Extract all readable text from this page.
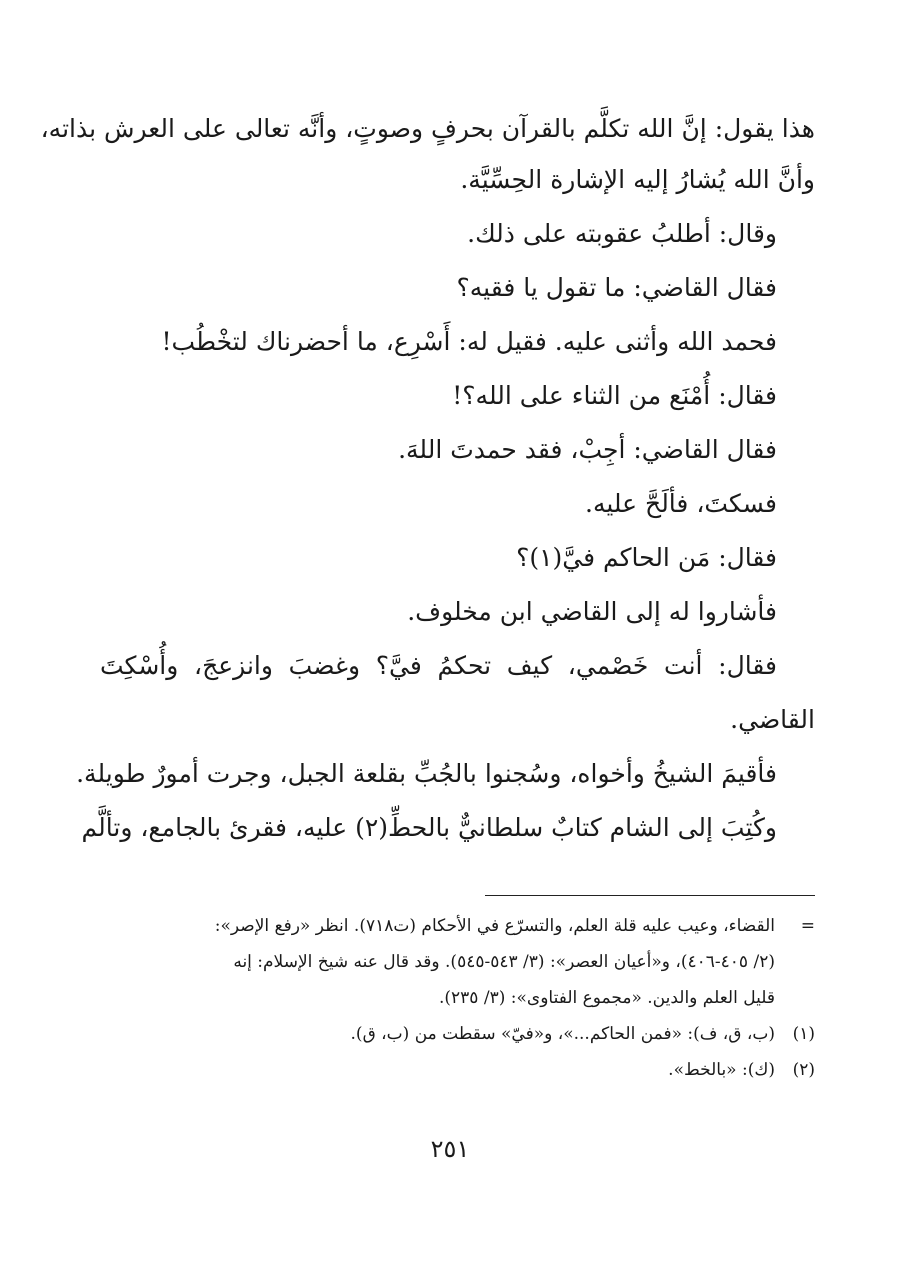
هذا يقول: إنَّ الله تكلَّم بالقرآن بحرفٍ وصوتٍ، وأنَّه تعالى على العرش بذاته،
وأنَّ الله يُشارُ إليه الإشارة الحِسِّيَّة.
وقال: أطلبُ عقوبته على ذلك.
فقال القاضي: ما تقول يا فقيه؟
فحمد الله وأثنى عليه. فقيل له: أَسْرِع، ما أحضرناك لتخْطُب!
فقال: أُمْنَع من الثناء على الله؟!
فقال القاضي: أجِبْ، فقد حمدتَ اللهَ.
فسكتَ، فألَحَّ عليه.
فقال: مَن الحاكم فيَّ(١)؟
فأشاروا له إلى القاضي ابن مخلوف.
فقال: أنت خَصْمي، كيف تحكمُ فيَّ؟ وغضبَ وانزعجَ، وأُسْكِتَ
القاضي.
فأقيمَ الشيخُ وأخواه، وسُجنوا بالجُبِّ بقلعة الجبل، وجرت أمورٌ طويلة.
وكُتِبَ إلى الشام كتابٌ سلطانيٌّ بالحطِّ(٢) عليه، فقرئ بالجامع، وتألَّم
=
القضاء، وعيب عليه قلة العلم، والتسرّع في الأحكام (ت٧١٨). انظر «رفع الإصر»:
(٢/ ٤٠٥-٤٠٦)، و«أعيان العصر»: (٣/ ٥٤٣-٥٤٥). وقد قال عنه شيخ الإسلام: إنه
قليل العلم والدين. «مجموع الفتاوى»: (٣/ ٢٣٥).
(١)
(ب، ق، ف): «فمن الحاكم...»، و«فيّ» سقطت من (ب، ق).
(٢)
(ك): «بالخط».
٢٥١
